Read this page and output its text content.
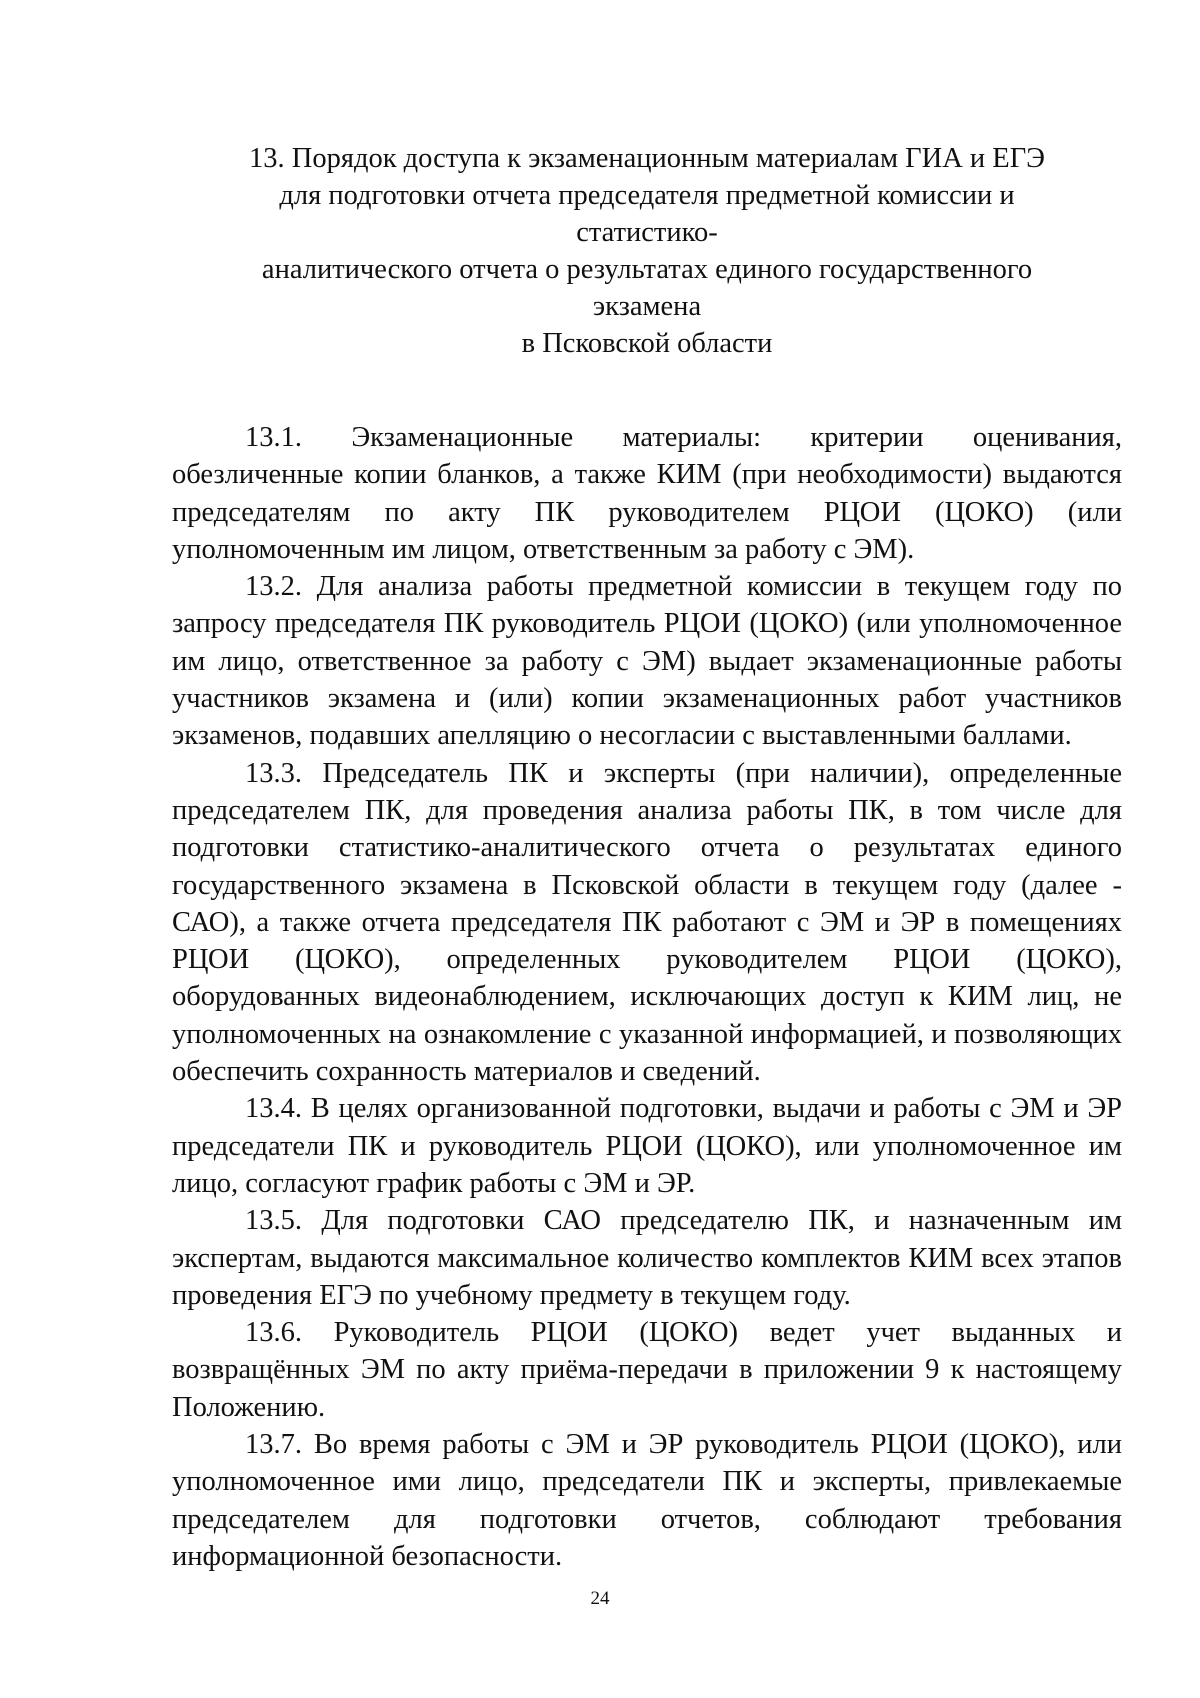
13. Порядок доступа к экзаменационным материалам ГИА и ЕГЭ
для подготовки отчета председателя предметной комиссии и статистико-
аналитического отчета о результатах единого государственного экзамена
в Псковской области

13.1. Экзаменационные материалы: критерии оценивания, обезличенные копии бланков, а также КИМ (при необходимости) выдаются председателям по акту ПК руководителем РЦОИ (ЦОКО) (или уполномоченным им лицом, ответственным за работу с ЭМ).

13.2. Для анализа работы предметной комиссии в текущем году по запросу председателя ПК руководитель РЦОИ (ЦОКО) (или уполномоченное им лицо, ответственное за работу с ЭМ) выдает экзаменационные работы участников экзамена и (или) копии экзаменационных работ участников экзаменов, подавших апелляцию о несогласии с выставленными баллами.

13.3. Председатель ПК и эксперты (при наличии), определенные председателем ПК, для проведения анализа работы ПК, в том числе для подготовки статистико-аналитического отчета о результатах единого государственного экзамена в Псковской области в текущем году (далее - САО), а также отчета председателя ПК работают с ЭМ и ЭР в помещениях РЦОИ (ЦОКО), определенных руководителем РЦОИ (ЦОКО), оборудованных видеонаблюдением, исключающих доступ к КИМ лиц, не уполномоченных на ознакомление с указанной информацией, и позволяющих обеспечить сохранность материалов и сведений.

13.4. В целях организованной подготовки, выдачи и работы с ЭМ и ЭР председатели ПК и руководитель РЦОИ (ЦОКО), или уполномоченное им лицо, согласуют график работы с ЭМ и ЭР.

13.5. Для подготовки САО председателю ПК, и назначенным им экспертам, выдаются максимальное количество комплектов КИМ всех этапов проведения ЕГЭ по учебному предмету в текущем году.

13.6. Руководитель РЦОИ (ЦОКО) ведет учет выданных и возвращённых ЭМ по акту приёма-передачи в приложении 9 к настоящему Положению.

13.7. Во время работы с ЭМ и ЭР руководитель РЦОИ (ЦОКО), или уполномоченное ими лицо, председатели ПК и эксперты, привлекаемые председателем для подготовки отчетов, соблюдают требования информационной безопасности.

24
